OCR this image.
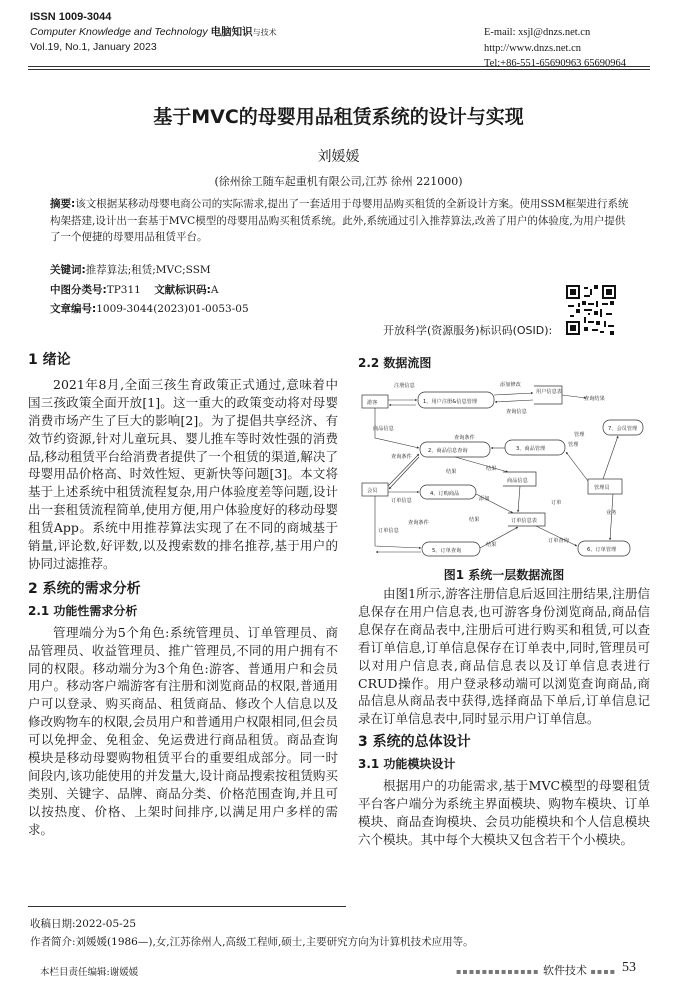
ISSN 1009-3044
Computer Knowledge and Technology 电脑知识与技术
Vol.19, No.1, January 2023
E-mail: xsjl@dnzs.net.cn
http://www.dnzs.net.cn
Tel:+86-551-65690963 65690964
基于MVC的母婴用品租赁系统的设计与实现
刘媛媛
(徐州徐工随车起重机有限公司,江苏 徐州 221000)
摘要:该文根据某移动母婴电商公司的实际需求,提出了一套适用于母婴用品购买租赁的全新设计方案。使用SSM框架进行系统构架搭建,设计出一套基于MVC模型的母婴用品购买租赁系统。此外,系统通过引入推荐算法,改善了用户的体验度,为用户提供了一个便捷的母婴用品租赁平台。
关键词:推荐算法;租赁;MVC;SSM
中图分类号:TP311 文献标识码:A
文章编号:1009-3044(2023)01-0053-05
开放科学(资源服务)标识码(OSID):
1 绪论
2021年8月,全面三孩生育政策正式通过,意味着中国三孩政策全面开放[1]。这一重大的政策变动将对母婴消费市场产生了巨大的影响[2]。为了提倡共享经济、有效节约资源,针对儿童玩具、婴儿推车等时效性强的消费品,移动租赁平台给消费者提供了一个租赁的渠道,解决了母婴用品价格高、时效性短、更新快等问题[3]。本文将基于上述系统中租赁流程复杂,用户体验度差等问题,设计出一套租赁流程简单,使用方便,用户体验度好的移动母婴租赁App。系统中用推荐算法实现了在不同的商城基于销量,评论数,好评数,以及搜索数的排名推荐,基于用户的协同过滤推荐。
2 系统的需求分析
2.1 功能性需求分析
管理端分为5个角色:系统管理员、订单管理员、商品管理员、收益管理员、推广管理员,不同的用户拥有不同的权限。移动端分为3个角色:游客、普通用户和会员用户。移动客户端游客有注册和浏览商品的权限,普通用户可以登录、购买商品、租赁商品、修改个人信息以及修改购物车的权限,会员用户和普通用户权限相同,但会员可以免押金、免租金、免运费进行商品租赁。商品查询模块是移动母婴购物租赁平台的重要组成部分。同一时间段内,该功能使用的并发量大,设计商品搜索按租赁购买类别、关键字、品牌、商品分类、价格范围查询,并且可以按热度、价格、上架时间排序,以满足用户多样的需求。
2.2 数据流图
游客
会员	管理员
1、用户注册&信息管理
2、商品信息查询	3、商品管理
4、订购商品
5、订单查询	6、订单管理
7、会员管理
用户信息表
商品信息
订单信息表
注册信息	添加修改
查询信息
商品信息
查询条件
结果
管理
订单信息
结果
添加
订单信息
查询条件
结果
订单
管理
业务
查询结果
结果
查询条件
订单查询
图1 系统一层数据流图
由图1所示,游客注册信息后返回注册结果,注册信息保存在用户信息表,也可游客身份浏览商品,商品信息保存在商品表中,注册后可进行购买和租赁,可以查看订单信息,订单信息保存在订单表中,同时,管理员可以对用户信息表,商品信息表以及订单信息表进行CRUD操作。用户登录移动端可以浏览查询商品,商品信息从商品表中获得,选择商品下单后,订单信息记录在订单信息表中,同时显示用户订单信息。
3 系统的总体设计
3.1 功能模块设计
根据用户的功能需求,基于MVC模型的母婴租赁平台客户端分为系统主界面模块、购物车模块、订单模块、商品查询模块、会员功能模块和个人信息模块六个模块。其中每个大模块又包含若干个小模块。
收稿日期:2022-05-25
作者简介:刘媛媛(1986—),女,江苏徐州人,高级工程师,硕士,主要研究方向为计算机技术应用等。
本栏目责任编辑:谢媛媛	▪▪▪▪▪▪▪▪▪▪▪▪▪ 软件技术 ▪▪▪▪ 53
